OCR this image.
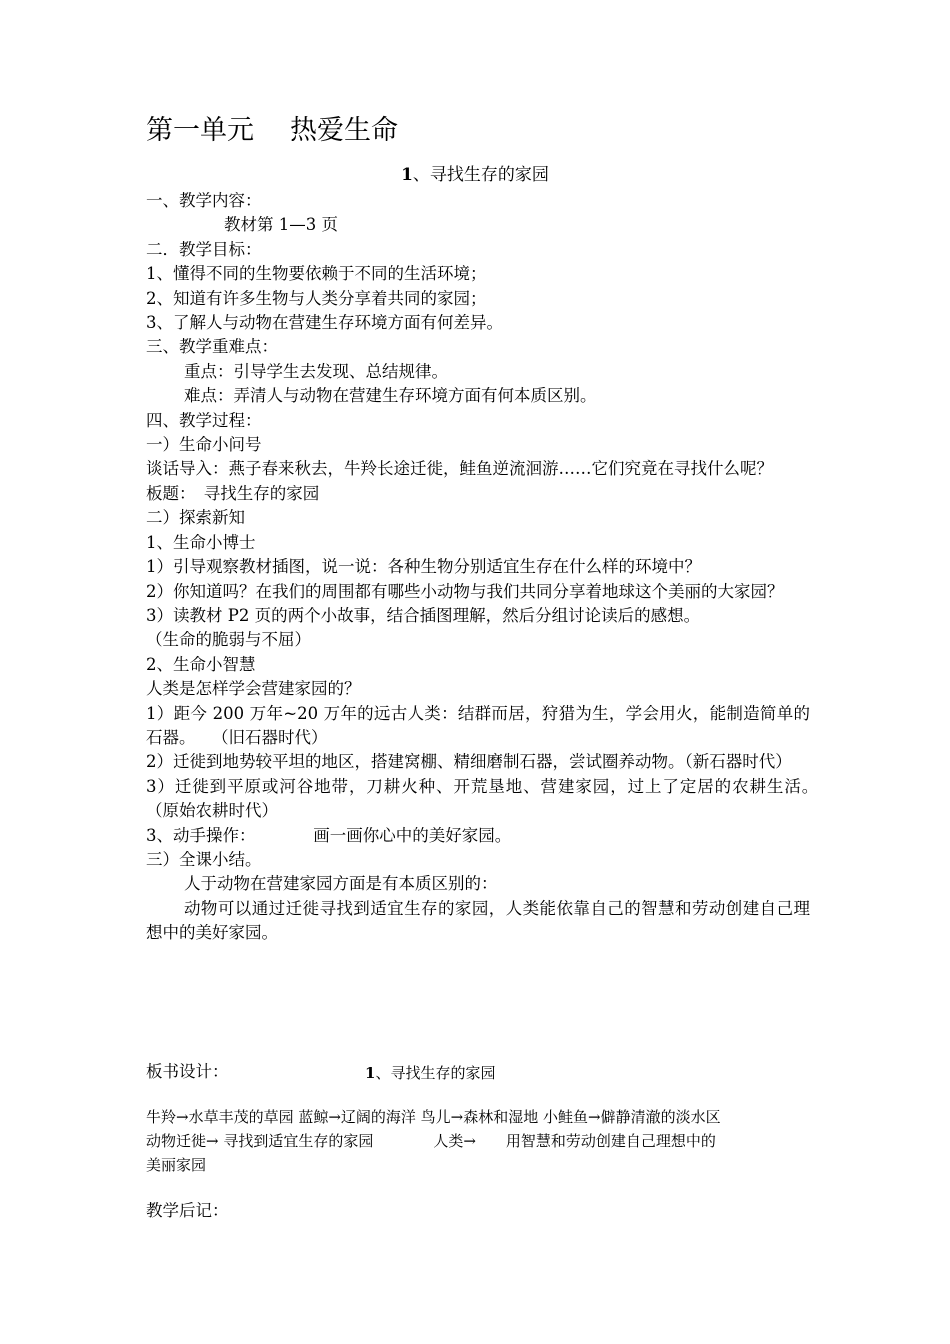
第一单元 热爱生命
1、寻找生存的家园

一、教学内容：

教材第 1—3 页

二．教学目标：

1、懂得不同的生物要依赖于不同的生活环境；

2、知道有许多生物与人类分享着共同的家园；

3、了解人与动物在营建生存环境方面有何差异。

三、教学重难点：

重点：引导学生去发现、总结规律。

难点：弄清人与动物在营建生存环境方面有何本质区别。

四、教学过程：

一）生命小问号

谈话导入：燕子春来秋去，牛羚长途迁徙，鲑鱼逆流洄游……它们究竟在寻找什么呢？

板题：　寻找生存的家园

二）探索新知

1、生命小博士

1）引导观察教材插图，说一说：各种生物分别适宜生存在什么样的环境中？

2）你知道吗？在我们的周围都有哪些小动物与我们共同分享着地球这个美丽的大家园？

3）读教材 P2 页的两个小故事，结合插图理解，然后分组讨论读后的感想。

（生命的脆弱与不屈）

2、生命小智慧

人类是怎样学会营建家园的？

1）距今 200 万年~20 万年的远古人类：结群而居，狩猎为生，学会用火，能制造简单的石器。　　（旧石器时代）

2）迁徙到地势较平坦的地区，搭建窝棚、精细磨制石器，尝试圈养动物。（新石器时代）

3）迁徙到平原或河谷地带，刀耕火种、开荒垦地、营建家园，过上了定居的农耕生活。　　　（原始农耕时代）

3、动手操作：　　　　画一画你心中的美好家园。

三）全课小结。

人于动物在营建家园方面是有本质区别的：

动物可以通过迁徙寻找到适宜生存的家园，人类能依靠自己的智慧和劳动创建自己理想中的美好家园。

板书设计：	1、寻找生存的家园

牛羚→水草丰茂的草园 蓝鲸→辽阔的海洋 鸟儿→森林和湿地 小鲑鱼→僻静清澈的淡水区

动物迁徙→ 寻找到适宜生存的家园　　　　人类→　　用智慧和劳动创建自己理想中的

美丽家园

教学后记：
